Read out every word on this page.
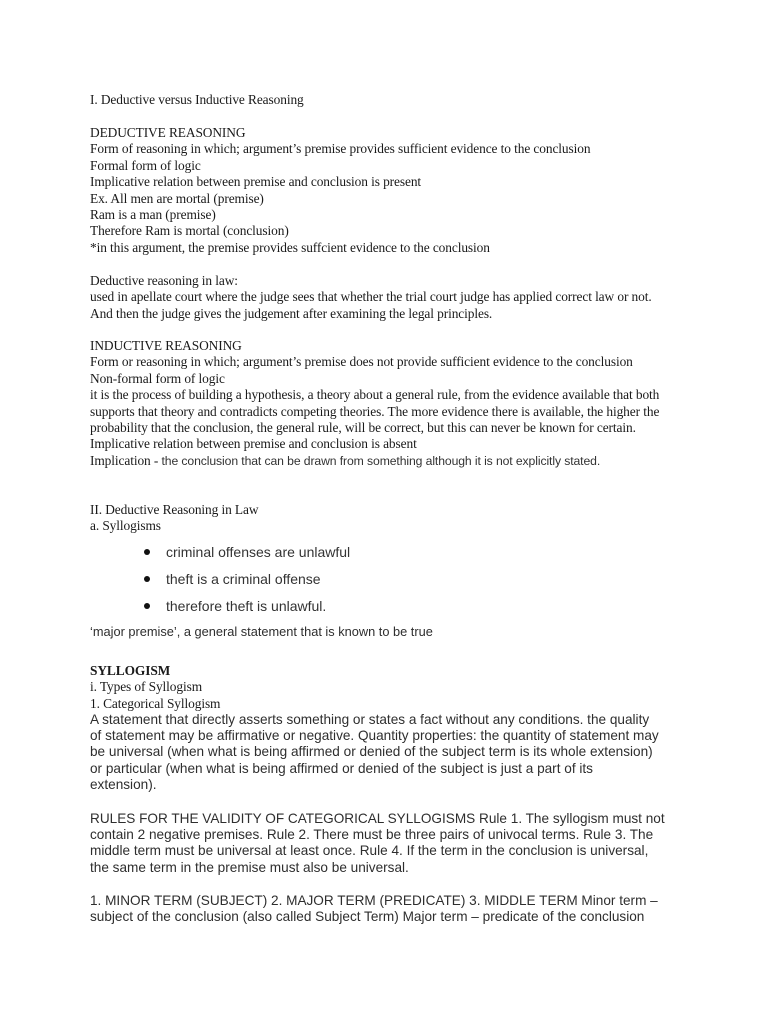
I. Deductive versus Inductive Reasoning
DEDUCTIVE REASONING
Form of reasoning in which; argument’s premise provides sufficient evidence to the conclusion
Formal form of logic
Implicative relation between premise and conclusion is present
Ex. All men are mortal (premise)
Ram is a man (premise)
Therefore Ram is mortal (conclusion)
*in this argument, the premise provides suffcient evidence to the conclusion
Deductive reasoning in law:
used in apellate court where the judge sees that whether the trial court judge has applied correct law or not. And then the judge gives the judgement after examining the legal principles.
INDUCTIVE REASONING
Form or reasoning in which; argument’s premise does not provide sufficient evidence to the conclusion
Non-formal form of logic
it is the process of building a hypothesis, a theory about a general rule, from the evidence available that both supports that theory and contradicts competing theories. The more evidence there is available, the higher the probability that the conclusion, the general rule, will be correct, but this can never be known for certain.
Implicative relation between premise and conclusion is absent
Implication - the conclusion that can be drawn from something although it is not explicitly stated.
II. Deductive Reasoning in Law
a. Syllogisms
criminal offenses are unlawful
theft is a criminal offense
therefore theft is unlawful.
‘major premise’, a general statement that is known to be true
SYLLOGISM
i. Types of Syllogism
1. Categorical Syllogism
A statement that directly asserts something or states a fact without any conditions. the quality of statement may be affirmative or negative. Quantity properties: the quantity of statement may be universal (when what is being affirmed or denied of the subject term is its whole extension) or particular (when what is being affirmed or denied of the subject is just a part of its extension).
RULES FOR THE VALIDITY OF CATEGORICAL SYLLOGISMS Rule 1. The syllogism must not contain 2 negative premises. Rule 2. There must be three pairs of univocal terms. Rule 3. The middle term must be universal at least once. Rule 4. If the term in the conclusion is universal, the same term in the premise must also be universal.
1. MINOR TERM (SUBJECT) 2. MAJOR TERM (PREDICATE) 3. MIDDLE TERM Minor term – subject of the conclusion (also called Subject Term) Major term – predicate of the conclusion
